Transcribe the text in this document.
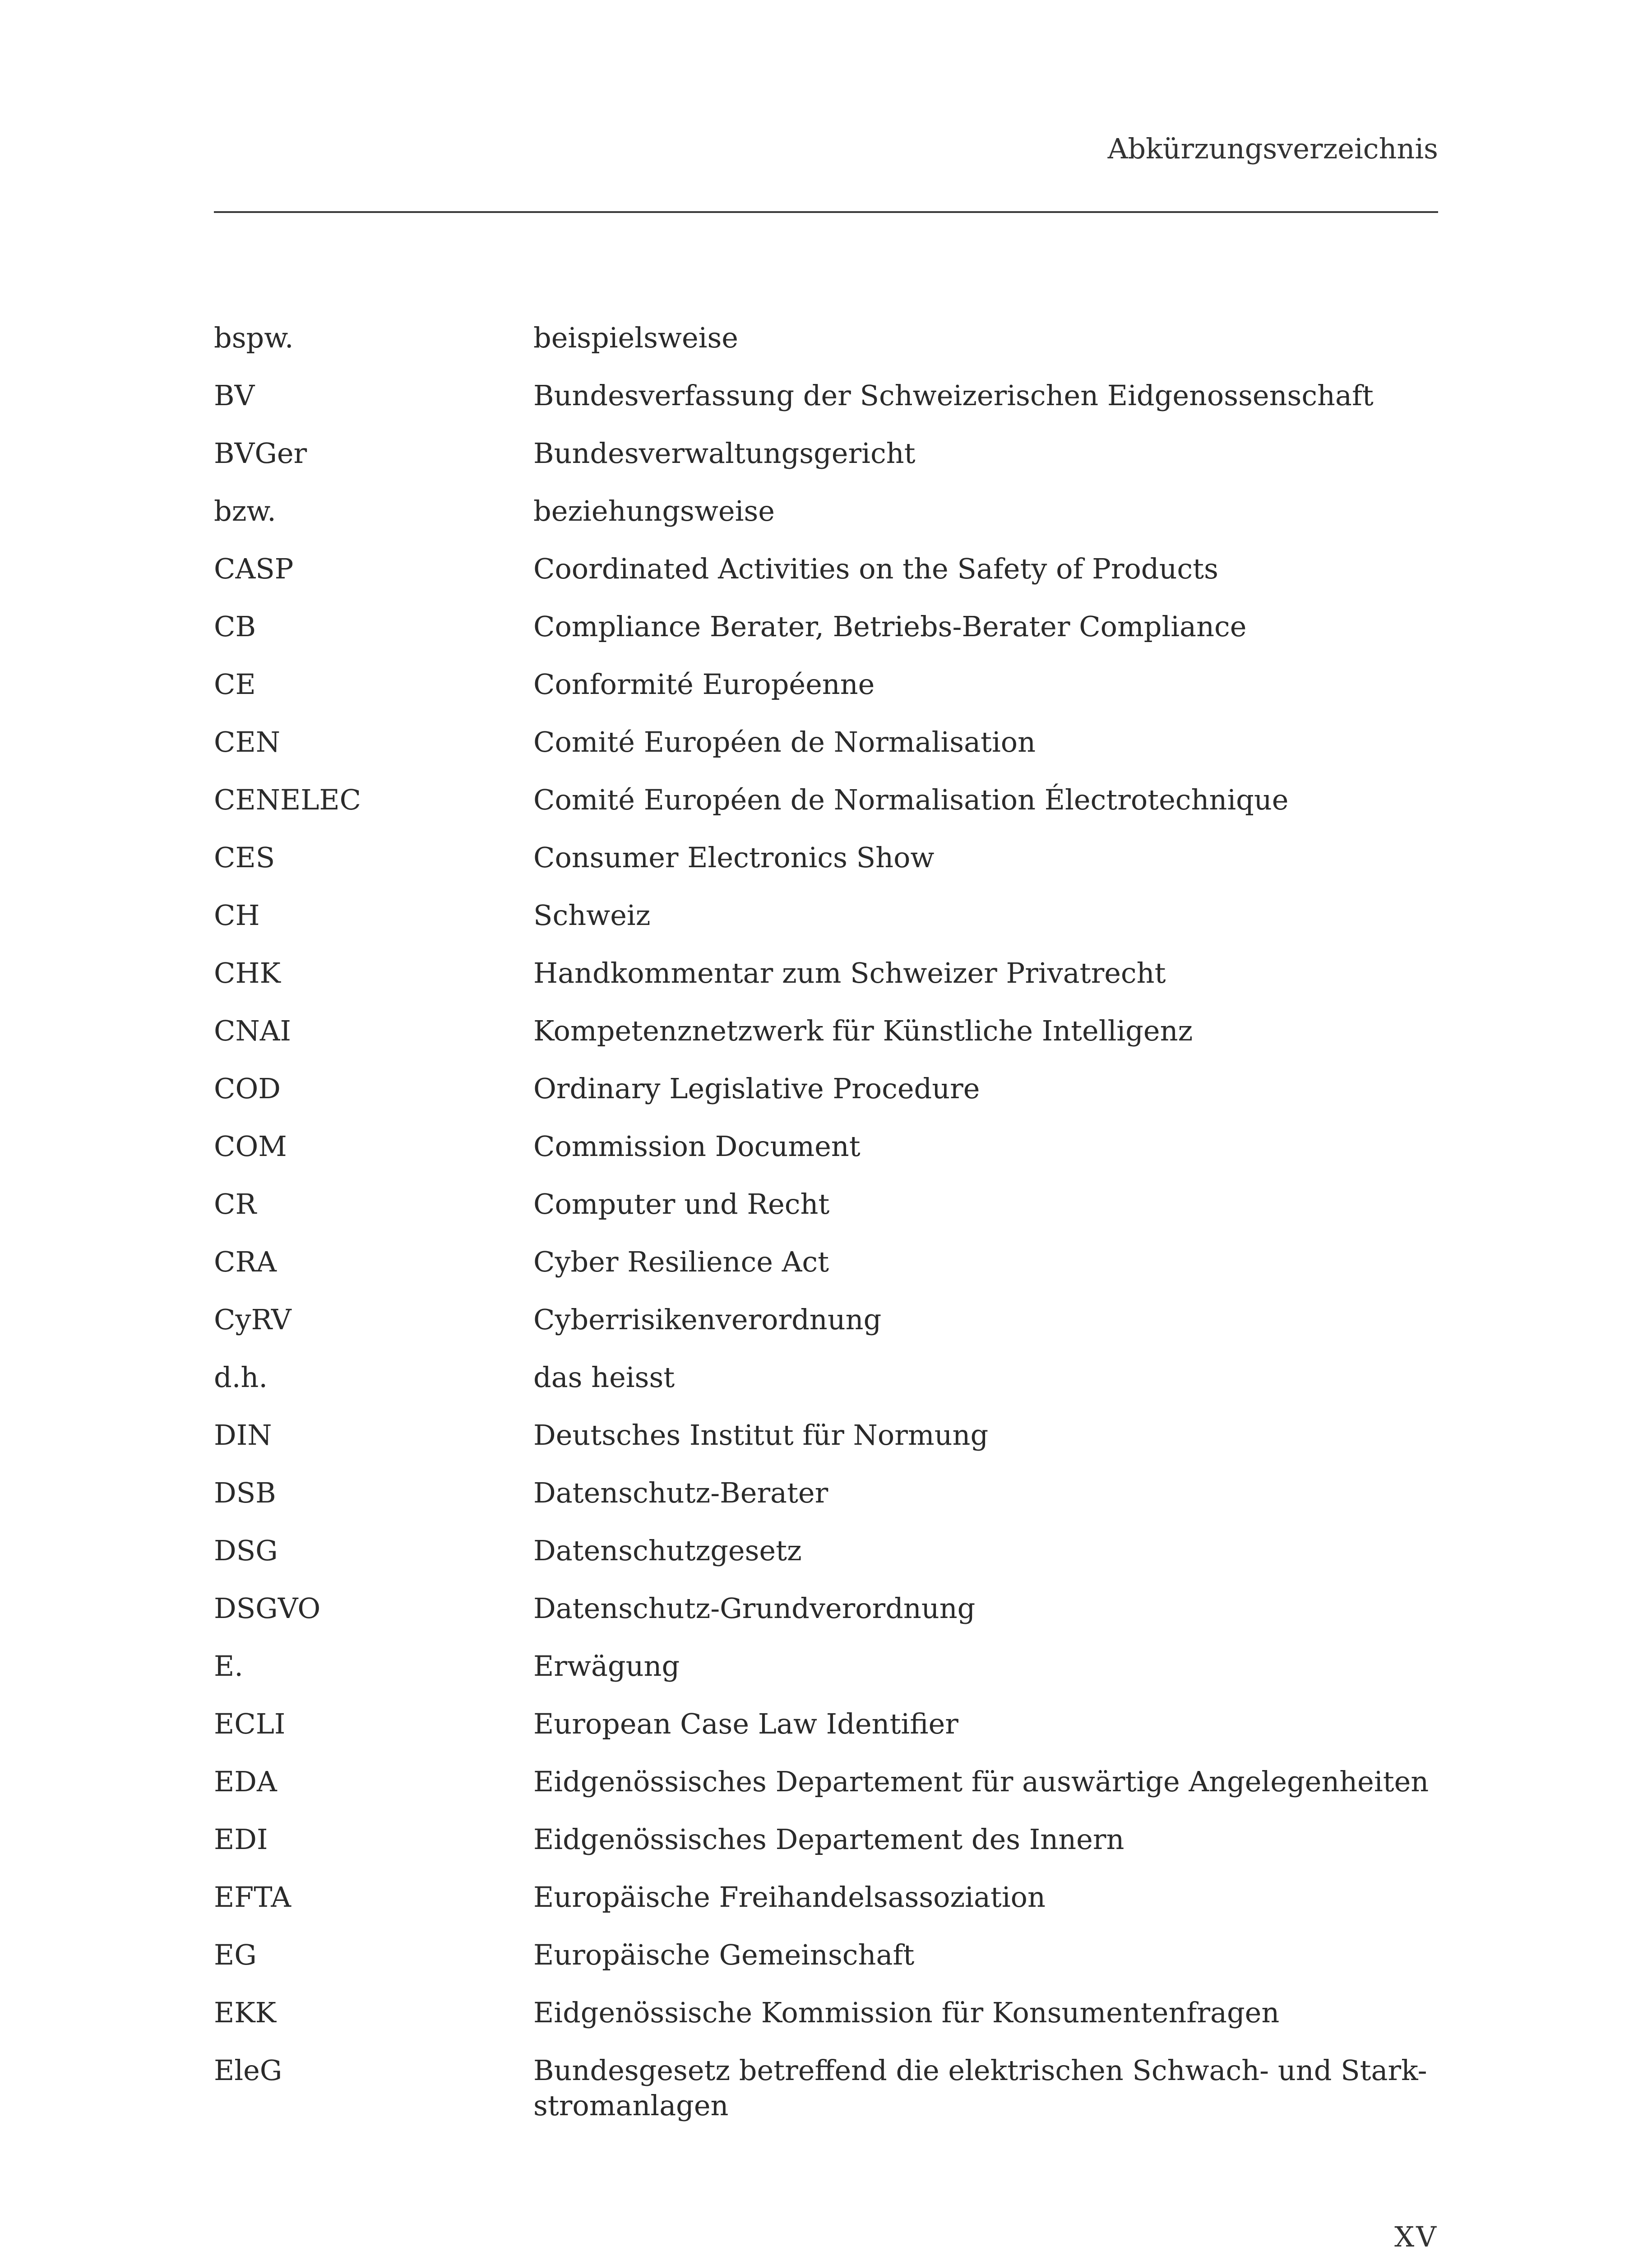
Abkürzungsverzeichnis
bspw.	beispielsweise
BV	Bundesverfassung der Schweizerischen Eidgenossenschaft
BVGer	Bundesverwaltungsgericht
bzw.	beziehungsweise
CASP	Coordinated Activities on the Safety of Products
CB	Compliance Berater, Betriebs-Berater Compliance
CE	Conformité Européenne
CEN	Comité Européen de Normalisation
CENELEC	Comité Européen de Normalisation Électrotechnique
CES	Consumer Electronics Show
CH	Schweiz
CHK	Handkommentar zum Schweizer Privatrecht
CNAI	Kompetenznetzwerk für Künstliche Intelligenz
COD	Ordinary Legislative Procedure
COM	Commission Document
CR	Computer und Recht
CRA	Cyber Resilience Act
CyRV	Cyberrisikenverordnung
d.h.	das heisst
DIN	Deutsches Institut für Normung
DSB	Datenschutz-Berater
DSG	Datenschutzgesetz
DSGVO	Datenschutz-Grundverordnung
E.	Erwägung
ECLI	European Case Law Identifier
EDA	Eidgenössisches Departement für auswärtige Angelegenheiten
EDI	Eidgenössisches Departement des Innern
EFTA	Europäische Freihandelsassoziation
EG	Europäische Gemeinschaft
EKK	Eidgenössische Kommission für Konsumentenfragen
EleG	Bundesgesetz betreffend die elektrischen Schwach- und Stark-stromanlagen
XV
